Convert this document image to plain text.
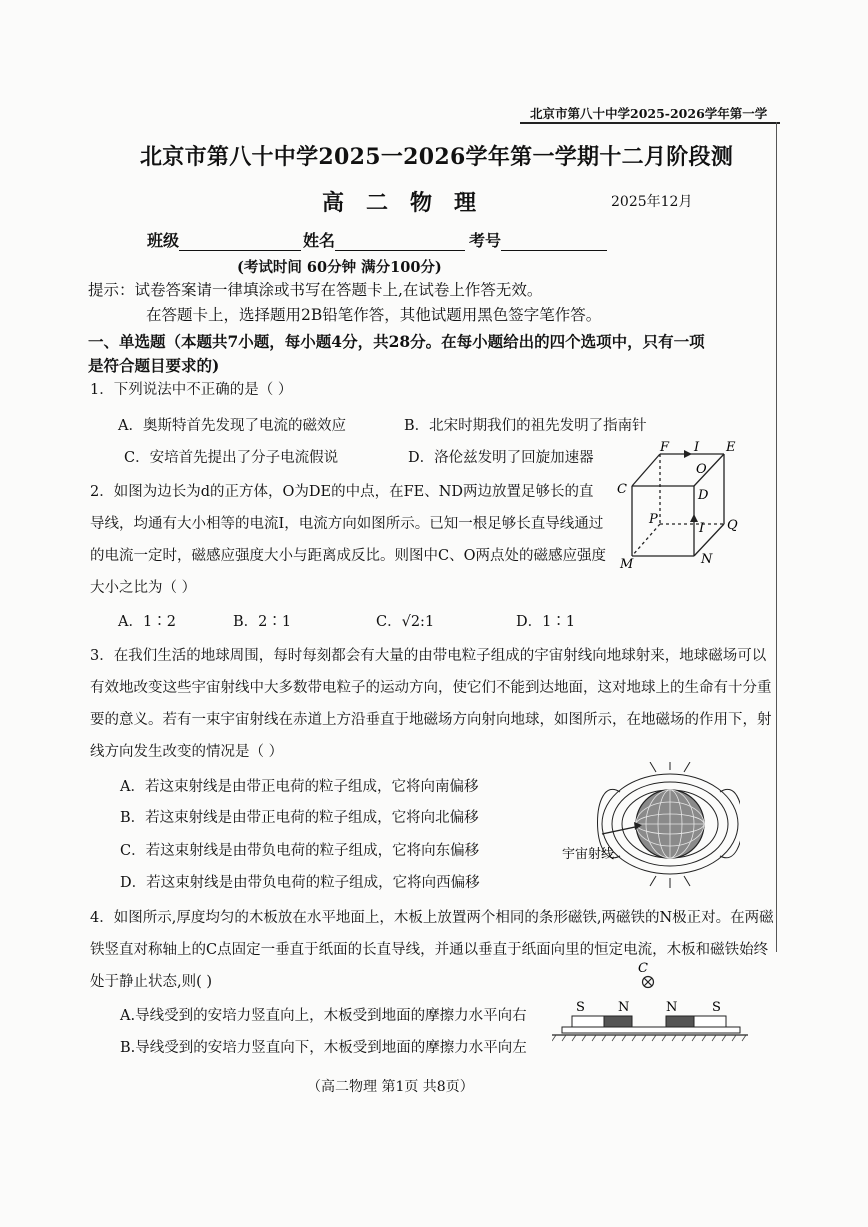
北京市第八十中学2025-2026学年第一学
北京市第八十中学2025一2026学年第一学期十二月阶段测
高二物理	2025年12月
班级	姓名	考号
(考试时间 60分钟 满分100分)
提示：试卷答案请一律填涂或书写在答题卡上,在试卷上作答无效。
在答题卡上，选择题用2B铅笔作答，其他试题用黑色签字笔作答。
一、单选题（本题共7小题，每小题4分，共28分。在每小题给出的四个选项中，只有一项
是符合题目要求的)
1．下列说法中不正确的是（ ）
A．奥斯特首先发现了电流的磁效应	B．北宋时期我们的祖先发明了指南针
C．安培首先提出了分子电流假说	D．洛伦兹发明了回旋加速器
2．如图为边长为d的正方体，O为DE的中点，在FE、ND两边放置足够长的直
导线，均通有大小相等的电流I，电流方向如图所示。已知一根足够长直导线通过
的电流一定时，磁感应强度大小与距离成反比。则图中C、O两点处的磁感应强度
大小之比为（ ）
A．1∶2	B．2∶1	C．√2:1	D．1∶1
F I E
O
C	D
P
I Q
M	N
3．在我们生活的地球周围，每时每刻都会有大量的由带电粒子组成的宇宙射线向地球射来，地球磁场可以
有效地改变这些宇宙射线中大多数带电粒子的运动方向，使它们不能到达地面，这对地球上的生命有十分重
要的意义。若有一束宇宙射线在赤道上方沿垂直于地磁场方向射向地球，如图所示，在地磁场的作用下，射
线方向发生改变的情况是（ ）
A．若这束射线是由带正电荷的粒子组成，它将向南偏移
B．若这束射线是由带正电荷的粒子组成，它将向北偏移
C．若这束射线是由带负电荷的粒子组成，它将向东偏移
D．若这束射线是由带负电荷的粒子组成，它将向西偏移
宇宙射线
4．如图所示,厚度均匀的木板放在水平地面上，木板上放置两个相同的条形磁铁,两磁铁的N极正对。在两磁
铁竖直对称轴上的C点固定一垂直于纸面的长直导线，并通以垂直于纸面向里的恒定电流，木板和磁铁始终
处于静止状态,则( )
A.导线受到的安培力竖直向上，木板受到地面的摩擦力水平向右
B.导线受到的安培力竖直向下，木板受到地面的摩擦力水平向左
C
S	N	N	S
（高二物理 第1页 共8页）
